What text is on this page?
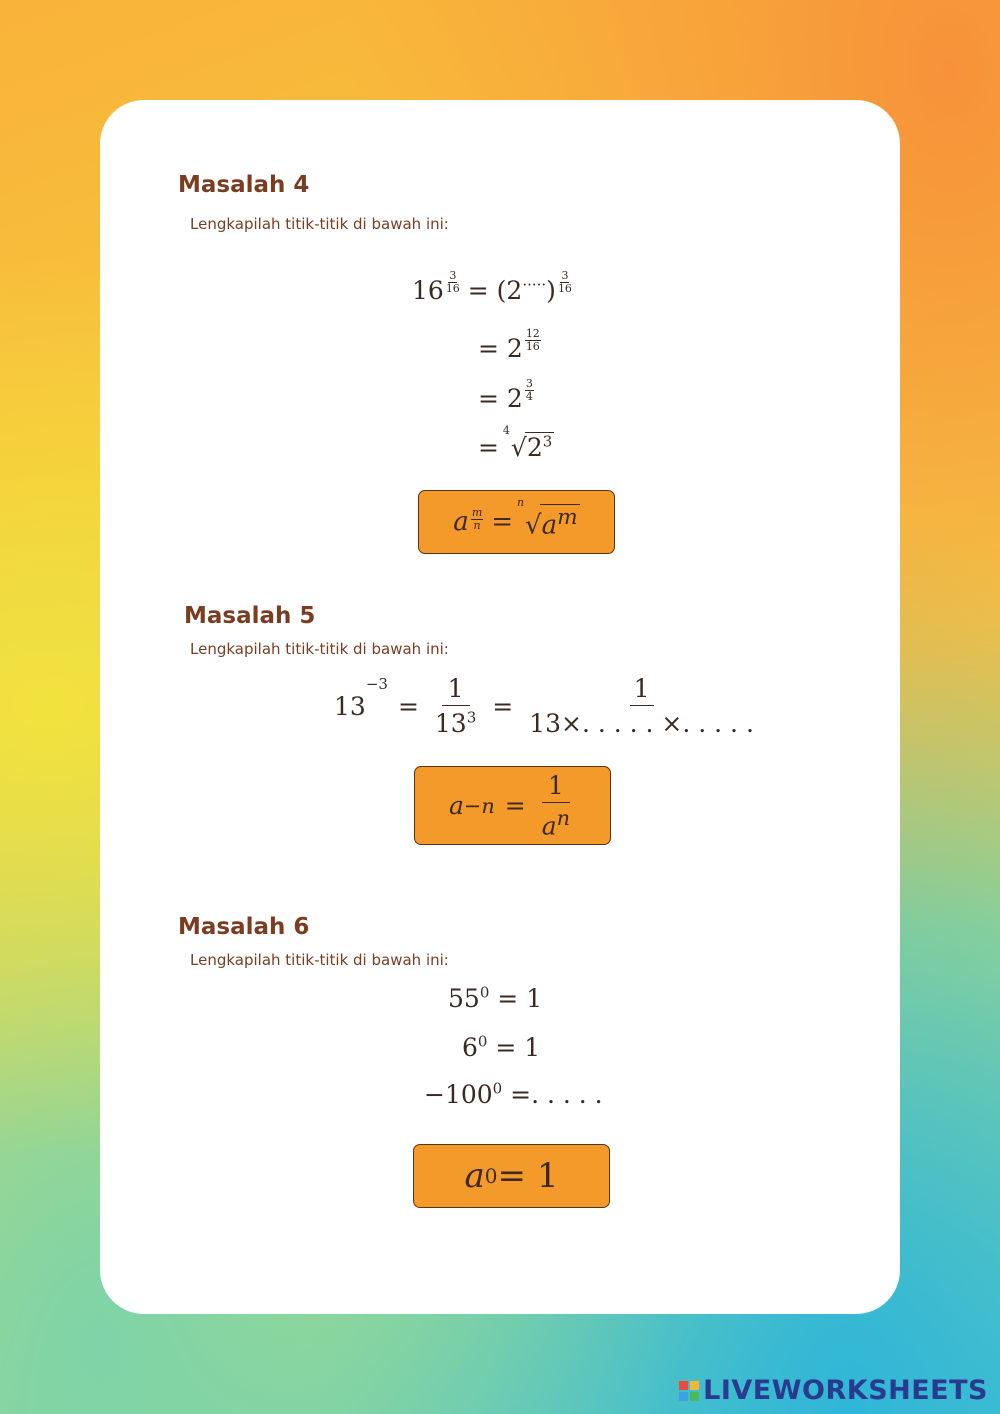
Masalah 4

Lengkapilah titik-titik di bawah ini:

$16 \frac{3}{16} = (2^{\cdot\cdot\cdot\cdot\cdot}) \frac{3}{16}$
= $2 \frac{12}{16}$
= $2 \frac{3}{4}$
=
4
$√2^3$
a $\frac{m}{n}$ =
n
$√a^m$
Masalah 5

Lengkapilah titik-titik di bawah ini:

13
−3
= $\frac{1}{13^3} = \frac{1}{13\times. . . . . \times. . . . .}$
$a -n = \frac{1}{a^n}$
Masalah 6

Lengkapilah titik-titik di bawah ini:

$55^0 = 1$
$6^0 = 1$
$-100^0$ =. . . . .
a 0 = 1
LIVEWORKSHEETS
